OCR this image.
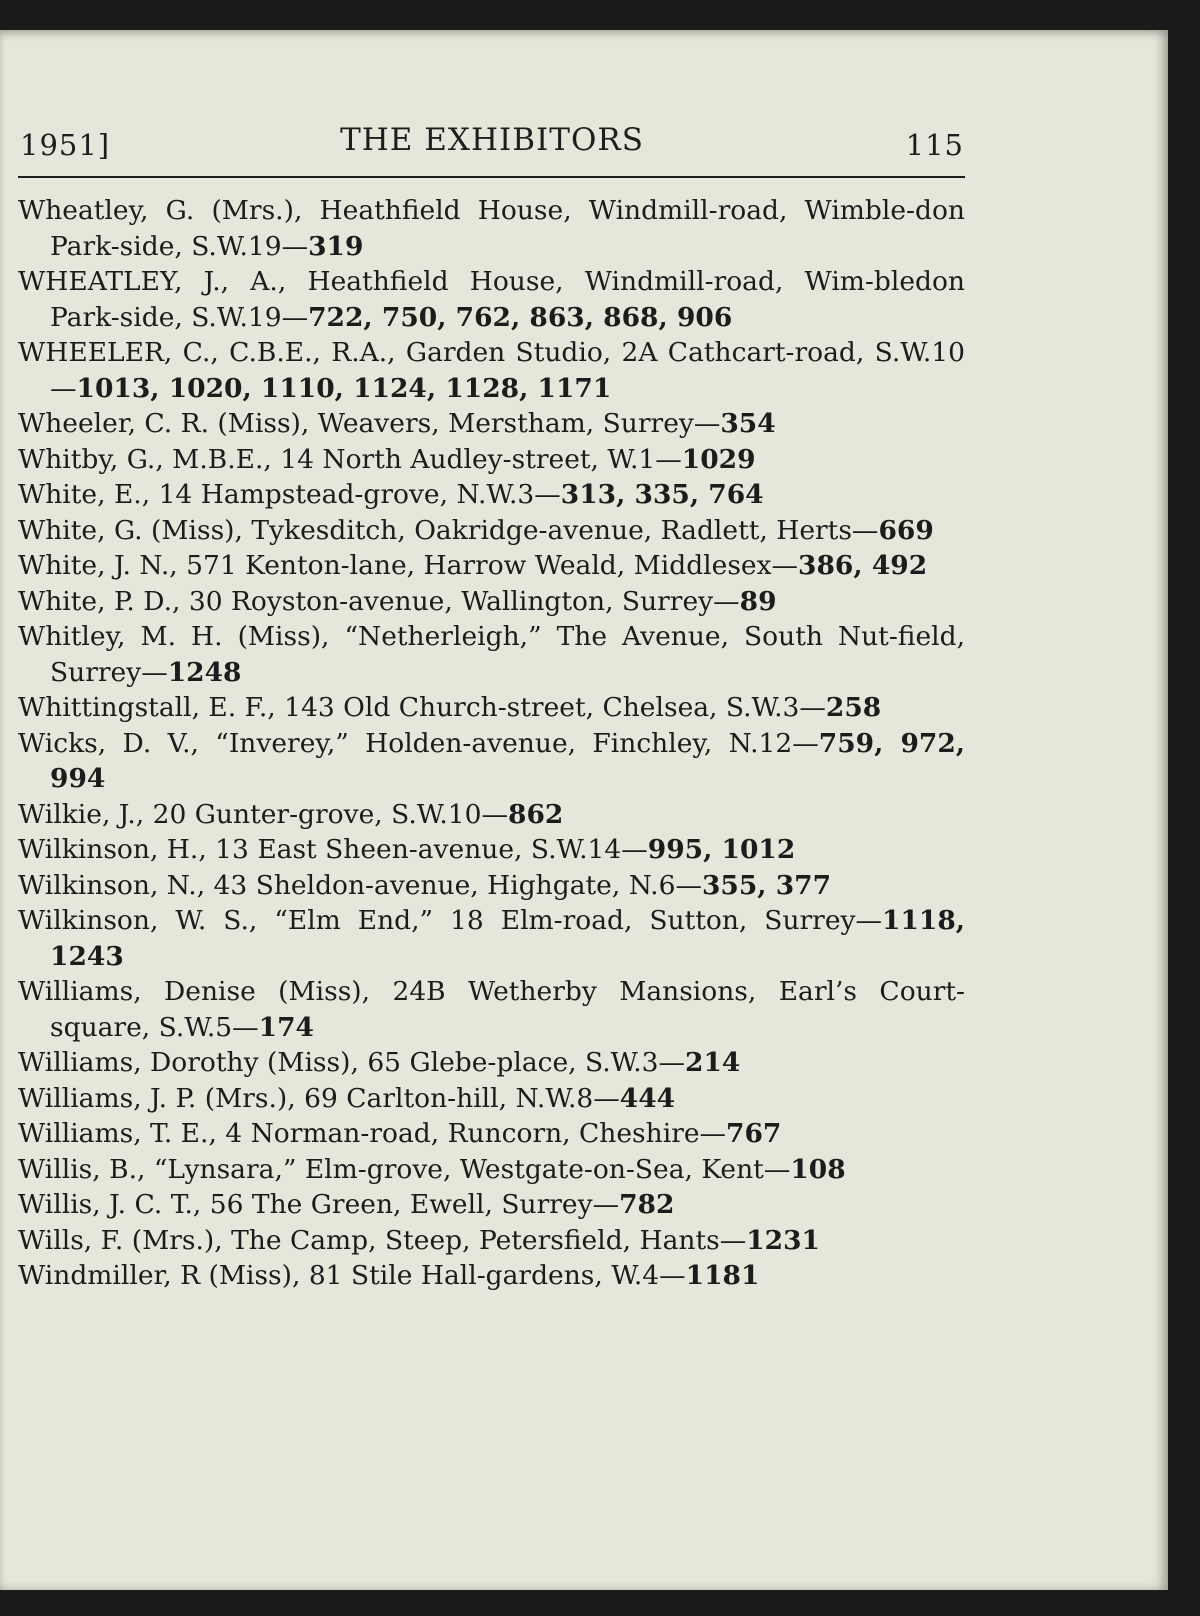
1951]	THE EXHIBITORS	115
Wheatley, G. (Mrs.), Heathfield House, Windmill-road, Wimble-don Park-side, S.W.19—319
WHEATLEY, J., A., Heathfield House, Windmill-road, Wim-bledon Park-side, S.W.19—722, 750, 762, 863, 868, 906
WHEELER, C., C.B.E., R.A., Garden Studio, 2A Cathcart-road, S.W.10—1013, 1020, 1110, 1124, 1128, 1171
Wheeler, C. R. (Miss), Weavers, Merstham, Surrey—354
Whitby, G., M.B.E., 14 North Audley-street, W.1—1029
White, E., 14 Hampstead-grove, N.W.3—313, 335, 764
White, G. (Miss), Tykesditch, Oakridge-avenue, Radlett, Herts—669
White, J. N., 571 Kenton-lane, Harrow Weald, Middlesex—386, 492
White, P. D., 30 Royston-avenue, Wallington, Surrey—89
Whitley, M. H. (Miss), “Netherleigh,” The Avenue, South Nut-field, Surrey—1248
Whittingstall, E. F., 143 Old Church-street, Chelsea, S.W.3—258
Wicks, D. V., “Inverey,” Holden-avenue, Finchley, N.12—759, 972, 994
Wilkie, J., 20 Gunter-grove, S.W.10—862
Wilkinson, H., 13 East Sheen-avenue, S.W.14—995, 1012
Wilkinson, N., 43 Sheldon-avenue, Highgate, N.6—355, 377
Wilkinson, W. S., “Elm End,” 18 Elm-road, Sutton, Surrey—1118, 1243
Williams, Denise (Miss), 24B Wetherby Mansions, Earl’s Court-square, S.W.5—174
Williams, Dorothy (Miss), 65 Glebe-place, S.W.3—214
Williams, J. P. (Mrs.), 69 Carlton-hill, N.W.8—444
Williams, T. E., 4 Norman-road, Runcorn, Cheshire—767
Willis, B., “Lynsara,” Elm-grove, Westgate-on-Sea, Kent—108
Willis, J. C. T., 56 The Green, Ewell, Surrey—782
Wills, F. (Mrs.), The Camp, Steep, Petersfield, Hants—1231
Windmiller, R (Miss), 81 Stile Hall-gardens, W.4—1181
